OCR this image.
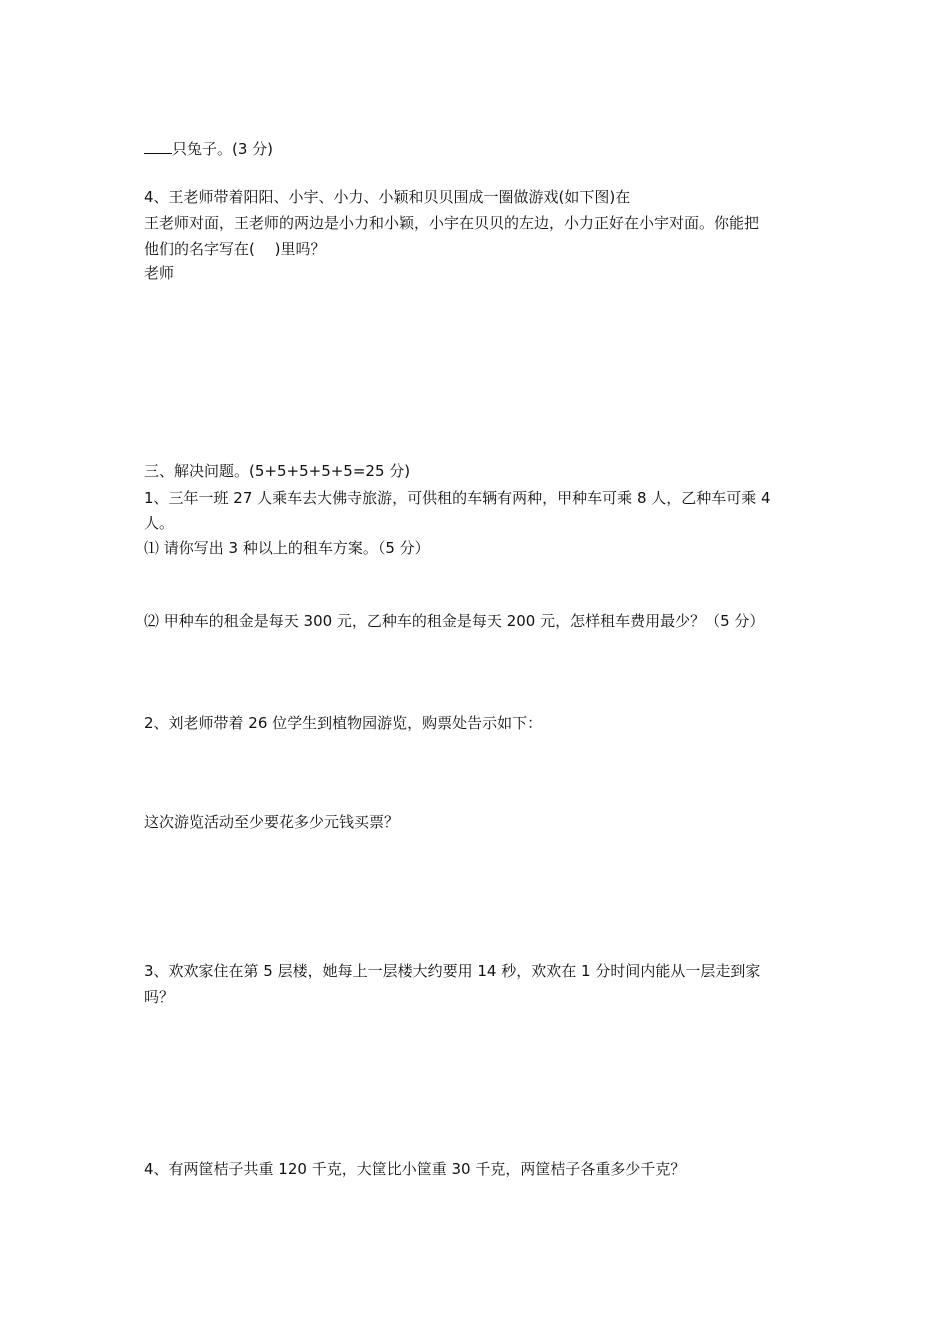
只兔子。(3 分)
4、王老师带着阳阳、小宇、小力、小颖和贝贝围成一圈做游戏(如下图)在
王老师对面，王老师的两边是小力和小颖，小宇在贝贝的左边，小力正好在小宇对面。你能把
他们的名字写在(　 )里吗？
老师
三、解决问题。(5+5+5+5+5=25 分)
1、三年一班 27 人乘车去大佛寺旅游，可供租的车辆有两种，甲种车可乘 8 人，乙种车可乘 4
人。
⑴ 请你写出 3 种以上的租车方案。（5 分）
⑵ 甲种车的租金是每天 300 元，乙种车的租金是每天 200 元，怎样租车费用最少？（5 分）
2、刘老师带着 26 位学生到植物园游览，购票处告示如下：
这次游览活动至少要花多少元钱买票？
3、欢欢家住在第 5 层楼，她每上一层楼大约要用 14 秒，欢欢在 1 分时间内能从一层走到家
吗？
4、有两筐桔子共重 120 千克，大筐比小筐重 30 千克，两筐桔子各重多少千克？
